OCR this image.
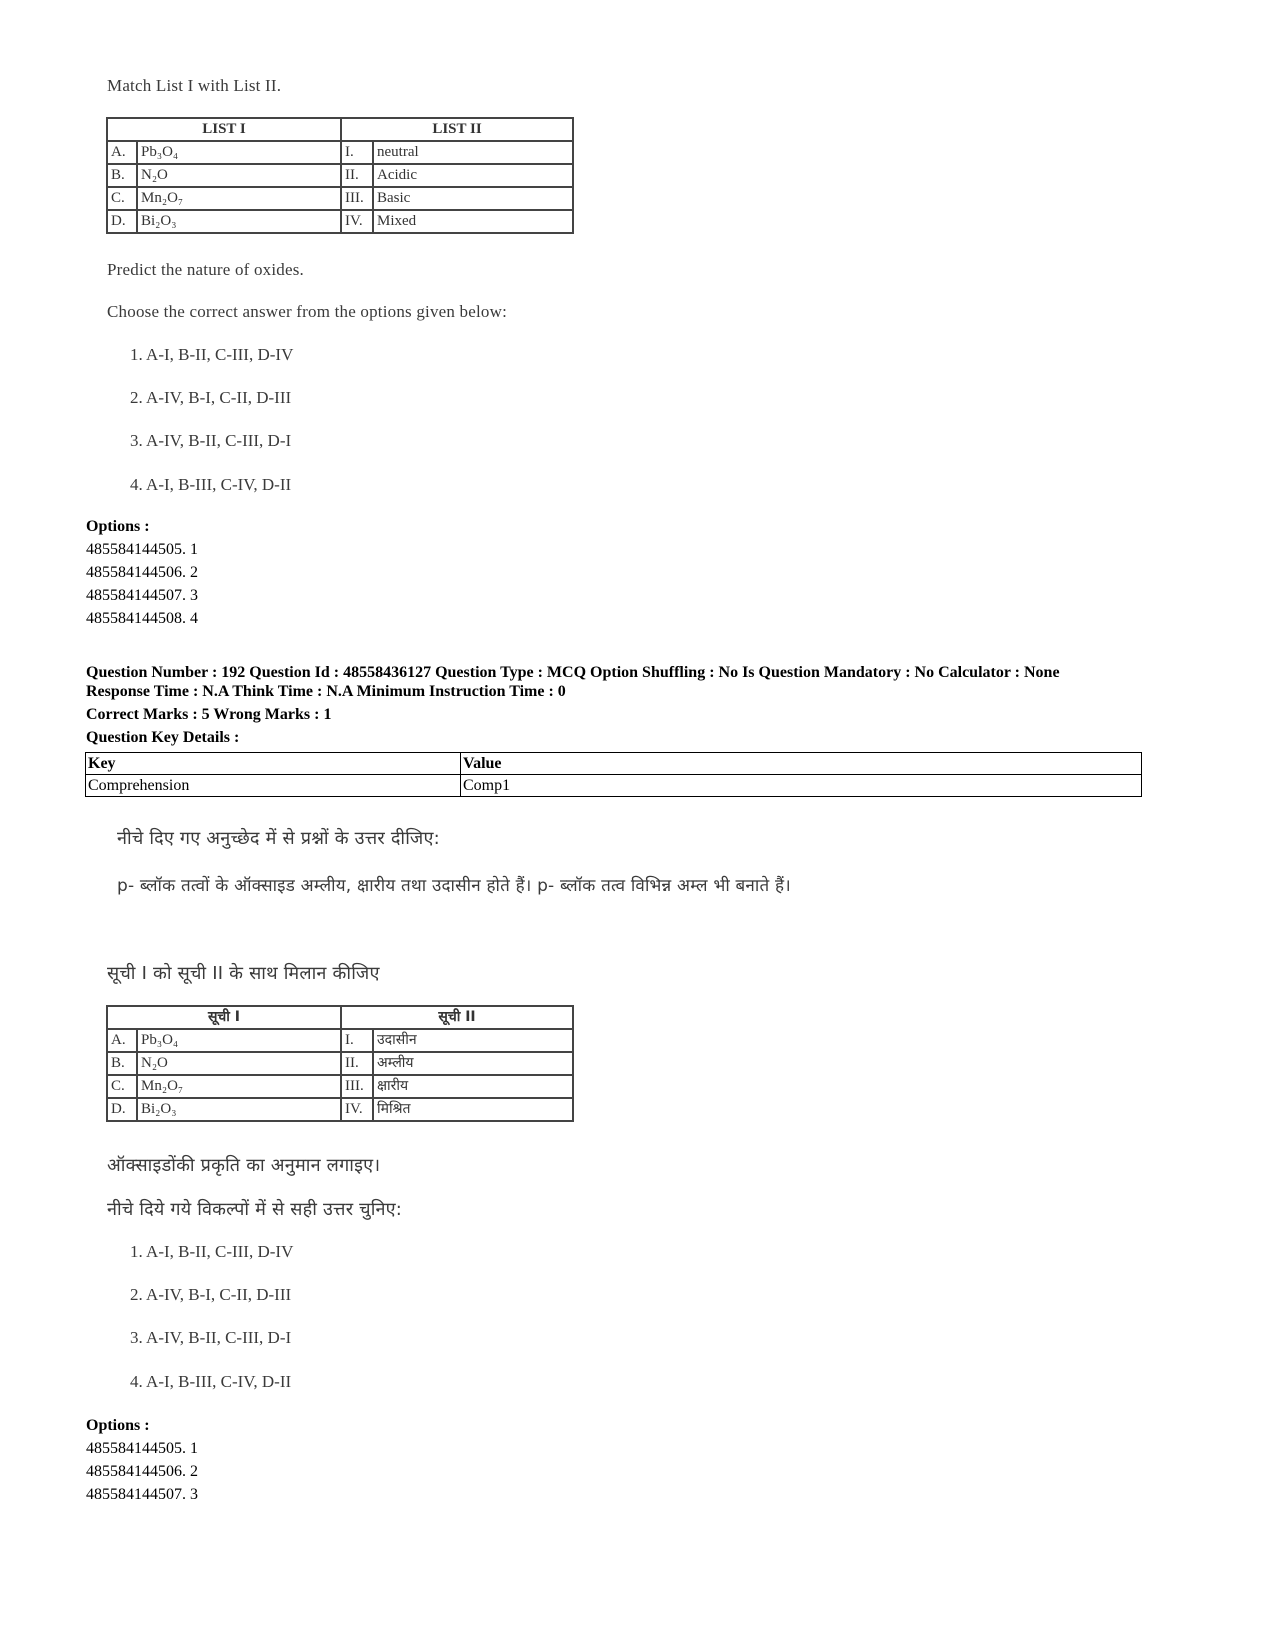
Match List I with List II.
LIST I		LIST II	
A.	Pb₃O₄	I.	neutral
B.	N₂O	II.	Acidic
C.	Mn₂O₇	III.	Basic
D.	Bi₂O₃	IV.	Mixed
Predict the nature of oxides.
Choose the correct answer from the options given below:
1. A-I, B-II, C-III, D-IV
2. A-IV, B-I, C-II, D-III
3. A-IV, B-II, C-III, D-I
4. A-I, B-III, C-IV, D-II
Options :
485584144505. 1
485584144506. 2
485584144507. 3
485584144508. 4
Question Number : 192 Question Id : 48558436127 Question Type : MCQ Option Shuffling : No Is Question Mandatory : No Calculator : None
Response Time : N.A Think Time : N.A Minimum Instruction Time : 0
Correct Marks : 5 Wrong Marks : 1
Question Key Details :
Key	Value
Comprehension	Comp1
नीचे दिए गए अनुच्छेद में से प्रश्नों के उत्तर दीजिए:
p- ब्लॉक तत्वों के ऑक्साइड अम्लीय, क्षारीय तथा उदासीन होते हैं। p- ब्लॉक तत्व विभिन्न अम्ल भी बनाते हैं।
सूची I को सूची II के साथ मिलान कीजिए
सूची I		सूची II	
A.	Pb₃O₄	I.	उदासीन
B.	N₂O	II.	अम्लीय
C.	Mn₂O₇	III.	क्षारीय
D.	Bi₂O₃	IV.	मिश्रित
ऑक्साइडोंकी प्रकृति का अनुमान लगाइए।
नीचे दिये गये विकल्पों में से सही उत्तर चुनिए:
1. A-I, B-II, C-III, D-IV
2. A-IV, B-I, C-II, D-III
3. A-IV, B-II, C-III, D-I
4. A-I, B-III, C-IV, D-II
Options :
485584144505. 1
485584144506. 2
485584144507. 3
